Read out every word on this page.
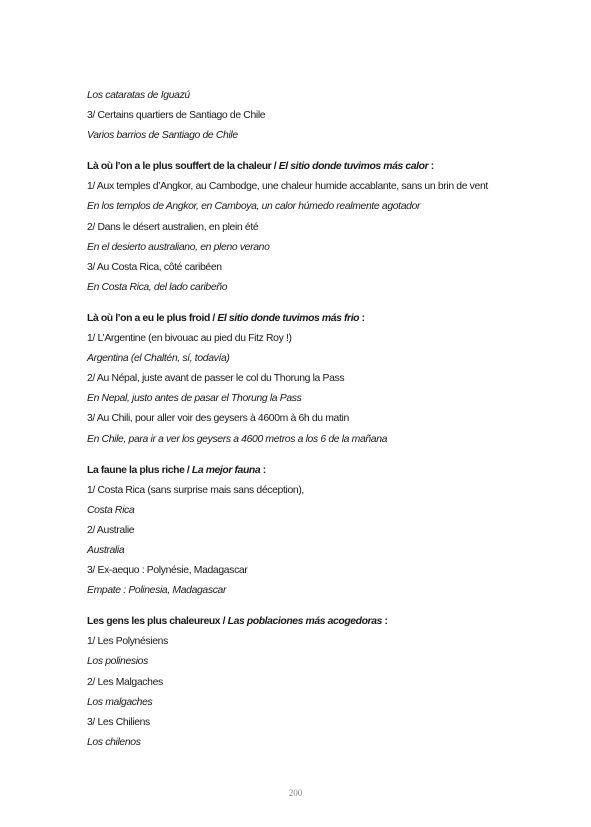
Los cataratas de Iguazú
3/ Certains quartiers de Santiago de Chile
Varios barrios de Santiago de Chile
Là où l’on a le plus souffert de la chaleur / El sitio donde tuvimos más calor :
1/ Aux temples d’Angkor, au Cambodge, une chaleur humide accablante, sans un brin de vent
En los templos de Angkor, en Camboya, un calor húmedo realmente agotador
2/ Dans le désert australien, en plein été
En el desierto australiano, en pleno verano
3/ Au Costa Rica, côté caribéen
En Costa Rica, del lado caribeño
Là où l’on a eu le plus froid / El sitio donde tuvimos más frio :
1/ L’Argentine (en bivouac au pied du Fitz Roy !)
Argentina (el Chaltén, sí, todavía)
2/ Au Népal, juste avant de passer le col du Thorung la Pass
En Nepal, justo antes de pasar el Thorung la Pass
3/ Au Chili, pour aller voir des geysers à 4600m à 6h du matin
En Chile, para ir a ver los geysers a 4600 metros a los 6 de la mañana
La faune la plus riche / La mejor fauna :
1/ Costa Rica (sans surprise mais sans déception),
Costa Rica
2/ Australie
Australia
3/ Ex-aequo : Polynésie, Madagascar
Empate : Polinesia, Madagascar
Les gens les plus chaleureux / Las poblaciones más acogedoras :
1/ Les Polynésiens
Los polinesios
2/ Les Malgaches
Los malgaches
3/ Les Chiliens
Los chilenos
200
